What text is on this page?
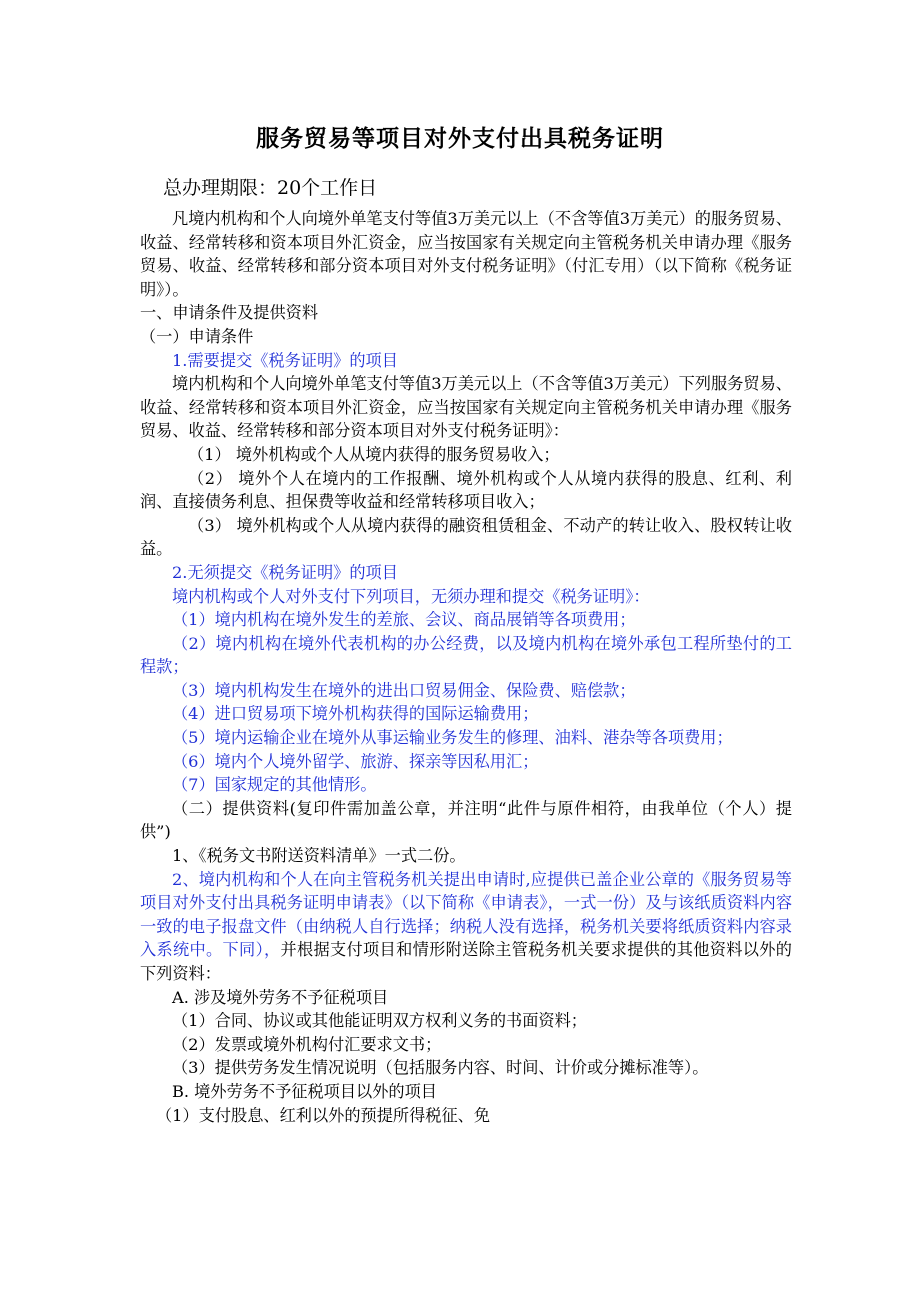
服务贸易等项目对外支付出具税务证明
总办理期限：20个工作日

凡境内机构和个人向境外单笔支付等值3万美元以上（不含等值3万美元）的服务贸易、收益、经常转移和资本项目外汇资金，应当按国家有关规定向主管税务机关申请办理《服务贸易、收益、经常转移和部分资本项目对外支付税务证明》（付汇专用）（以下简称《税务证明》）。

一、申请条件及提供资料

（一）申请条件

1.需要提交《税务证明》的项目

境内机构和个人向境外单笔支付等值3万美元以上（不含等值3万美元）下列服务贸易、收益、经常转移和资本项目外汇资金，应当按国家有关规定向主管税务机关申请办理《服务贸易、收益、经常转移和部分资本项目对外支付税务证明》：

（1） 境外机构或个人从境内获得的服务贸易收入；

（2） 境外个人在境内的工作报酬、境外机构或个人从境内获得的股息、红利、利润、直接债务利息、担保费等收益和经常转移项目收入；

（3） 境外机构或个人从境内获得的融资租赁租金、不动产的转让收入、股权转让收益。

2.无须提交《税务证明》的项目

境内机构或个人对外支付下列项目，无须办理和提交《税务证明》：

（1）境内机构在境外发生的差旅、会议、商品展销等各项费用；

（2）境内机构在境外代表机构的办公经费，以及境内机构在境外承包工程所垫付的工程款；

（3）境内机构发生在境外的进出口贸易佣金、保险费、赔偿款；

（4）进口贸易项下境外机构获得的国际运输费用；

（5）境内运输企业在境外从事运输业务发生的修理、油料、港杂等各项费用；

（6）境内个人境外留学、旅游、探亲等因私用汇；

（7）国家规定的其他情形。

（二）提供资料(复印件需加盖公章，并注明“此件与原件相符，由我单位（个人）提供”)

1、《税务文书附送资料清单》一式二份。

2、境内机构和个人在向主管税务机关提出申请时,应提供已盖企业公章的《服务贸易等项目对外支付出具税务证明申请表》（以下简称《申请表》，一式一份）及与该纸质资料内容一致的电子报盘文件（由纳税人自行选择；纳税人没有选择，税务机关要将纸质资料内容录入系统中。下同），并根据支付项目和情形附送除主管税务机关要求提供的其他资料以外的下列资料：

A. 涉及境外劳务不予征税项目

（1）合同、协议或其他能证明双方权利义务的书面资料；

（2）发票或境外机构付汇要求文书；

（3）提供劳务发生情况说明（包括服务内容、时间、计价或分摊标准等）。

B. 境外劳务不予征税项目以外的项目

（1）支付股息、红利以外的预提所得税征、免
